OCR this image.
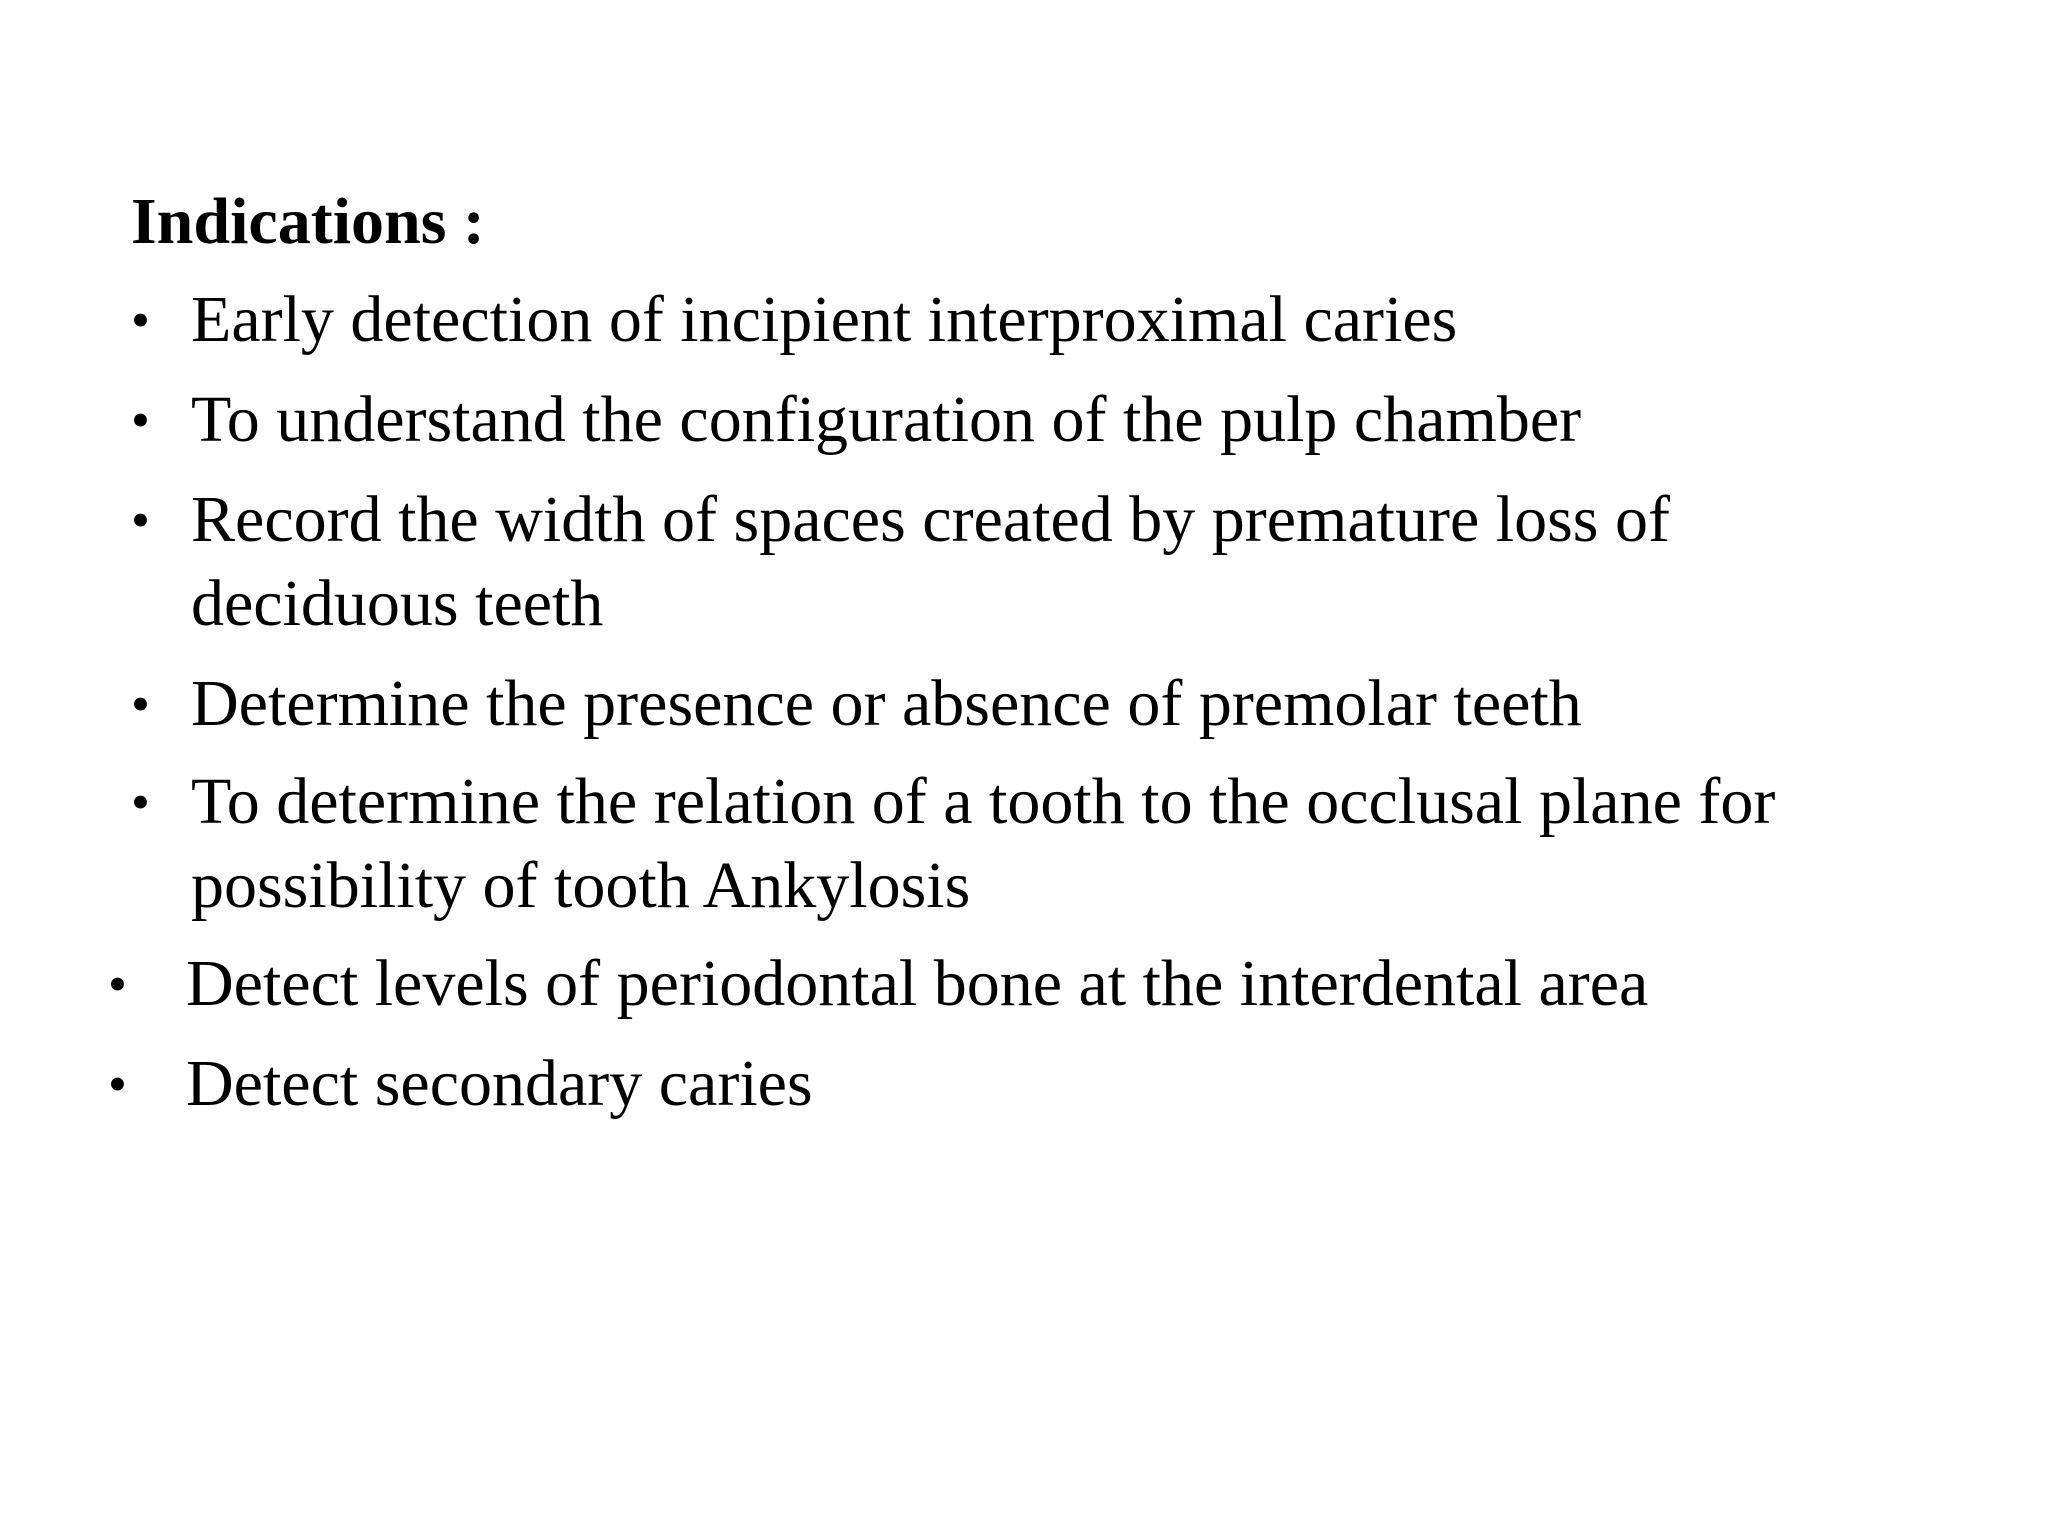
Indications :
• Early detection of incipient interproximal caries
• To understand the configuration of the pulp chamber
• Record the width of spaces created by premature loss of
deciduous teeth
• Determine the presence or absence of premolar teeth
• To determine the relation of a tooth to the occlusal plane for
possibility of tooth Ankylosis
• Detect levels of periodontal bone at the interdental area
• Detect secondary caries
